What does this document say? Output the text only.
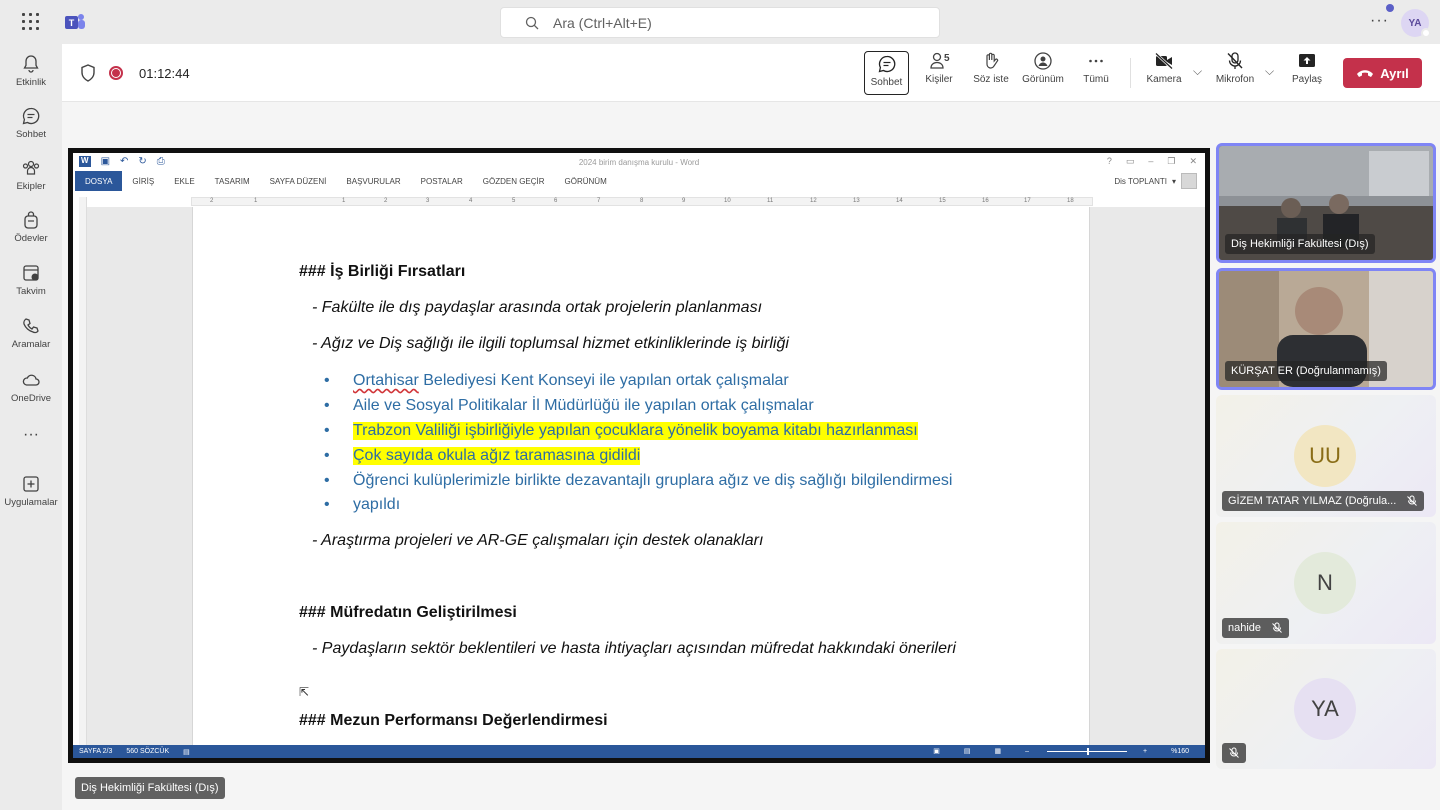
T	Ara (Ctrl+Alt+E)	···	YA
Etkinlik
Sohbet
Ekipler
Ödevler
Takvim
Aramalar
OneDrive
···
Uygulamalar
01:12:44
Sohbet
5
Kişiler Söz iste Görünüm Tümü	Kamera
⌵
Mikrofon
⌵
Paylaş	Ayrıl
W ▣ ↶ ↻ ⎙	2024 birim danışma kurulu - Word	? ▭ – ❐ ✕
DOSYA	GİRİŞ	EKLE	TASARIM	SAYFA DÜZENİ	BAŞVURULAR	POSTALAR	GÖZDEN GEÇİR	GÖRÜNÜM	Dis TOPLANTI ▾
2	1	1	2	3	4	5	6	7	8	9	10	11	12	13	14	15	16	17	18
### İş Birliği Fırsatları
- Fakülte ile dış paydaşlar arasında ortak projelerin planlanması
- Ağız ve Diş sağlığı ile ilgili toplumsal hizmet etkinliklerinde iş birliği
Ortahisar Belediyesi Kent Konseyi ile yapılan ortak çalışmalar
Aile ve Sosyal Politikalar İl Müdürlüğü ile yapılan ortak çalışmalar
Trabzon Valiliği işbirliğiyle yapılan çocuklara yönelik boyama kitabı hazırlanması
Çok sayıda okula ağız taramasına gidildi
Öğrenci kulüplerimizle birlikte dezavantajlı gruplara ağız ve diş sağlığı bilgilendirmesi
yapıldı
- Araştırma projeleri ve AR-GE çalışmaları için destek olanakları
### Müfredatın Geliştirilmesi
- Paydaşların sektör beklentileri ve hasta ihtiyaçları açısından müfredat hakkındaki önerileri
⇱
### Mezun Performansı Değerlendirmesi
SAYFA 2/3 560 SÖZCÜK ▤	▣	▤	▦	–	+	%160
Diş Hekimliği Fakültesi (Dış)
KÜRŞAT ER (Doğrulanmamış)
UU
GİZEM TATAR YILMAZ (Doğrula...
N
nahide
YA
Diş Hekimliği Fakültesi (Dış)
